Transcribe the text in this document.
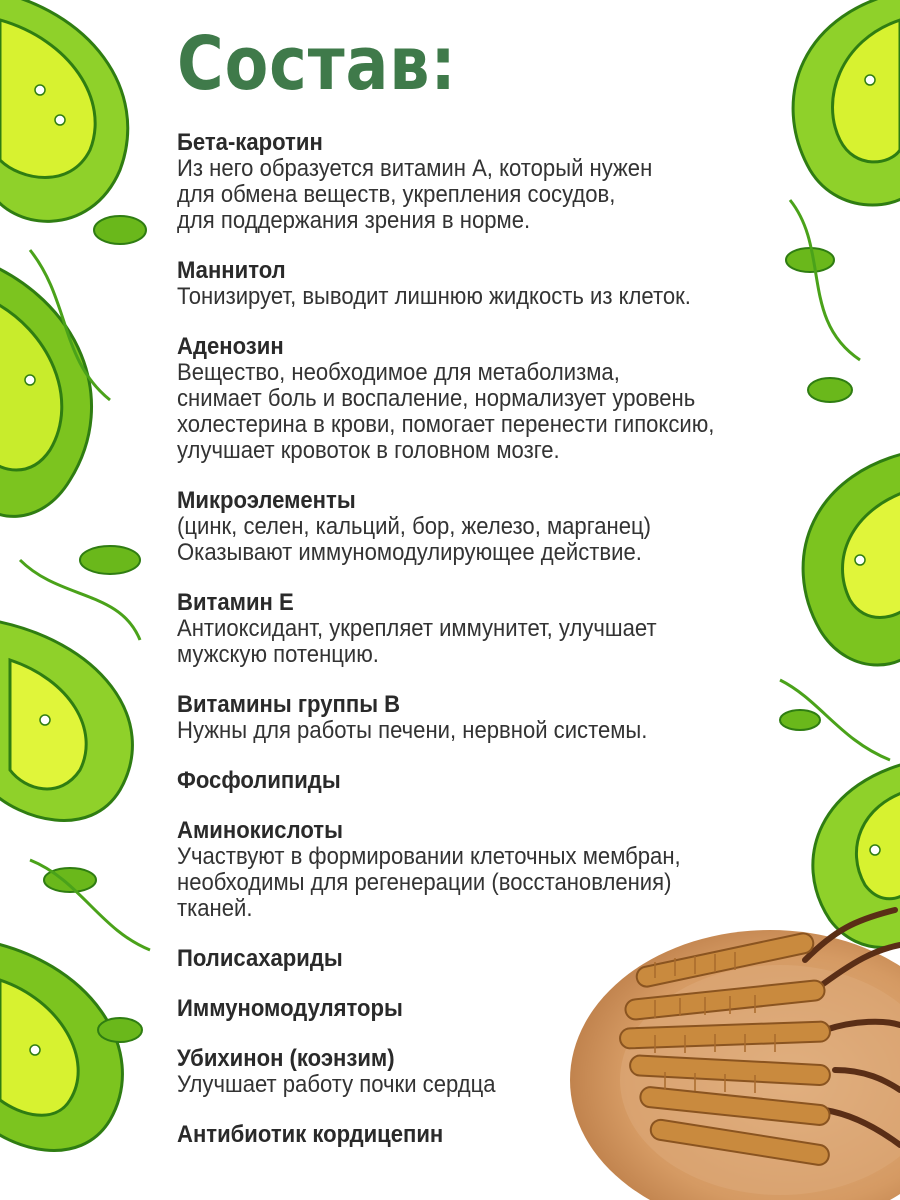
Состав:
Бета-каротин
Из него образуется витамин А, который нужен
для обмена веществ, укрепления сосудов,
для поддержания зрения в норме.
Маннитол
Тонизирует, выводит лишнюю жидкость из клеток.
Аденозин
Вещество, необходимое для метаболизма,
снимает боль и воспаление, нормализует уровень
холестерина в крови, помогает перенести гипоксию,
улучшает кровоток в головном мозге.
Микроэлементы
(цинк, селен, кальций, бор, железо, марганец)
Оказывают иммуномодулирующее действие.
Витамин Е
Антиоксидант, укрепляет иммунитет, улучшает
мужскую потенцию.
Витамины группы В
Нужны для работы печени, нервной системы.
Фосфолипиды
Аминокислоты
Участвуют в формировании клеточных мембран,
необходимы для регенерации (восстановления)
тканей.
Полисахариды
Иммуномодуляторы
Убихинон (коэнзим)
Улучшает работу почки сердца
Антибиотик кордицепин
